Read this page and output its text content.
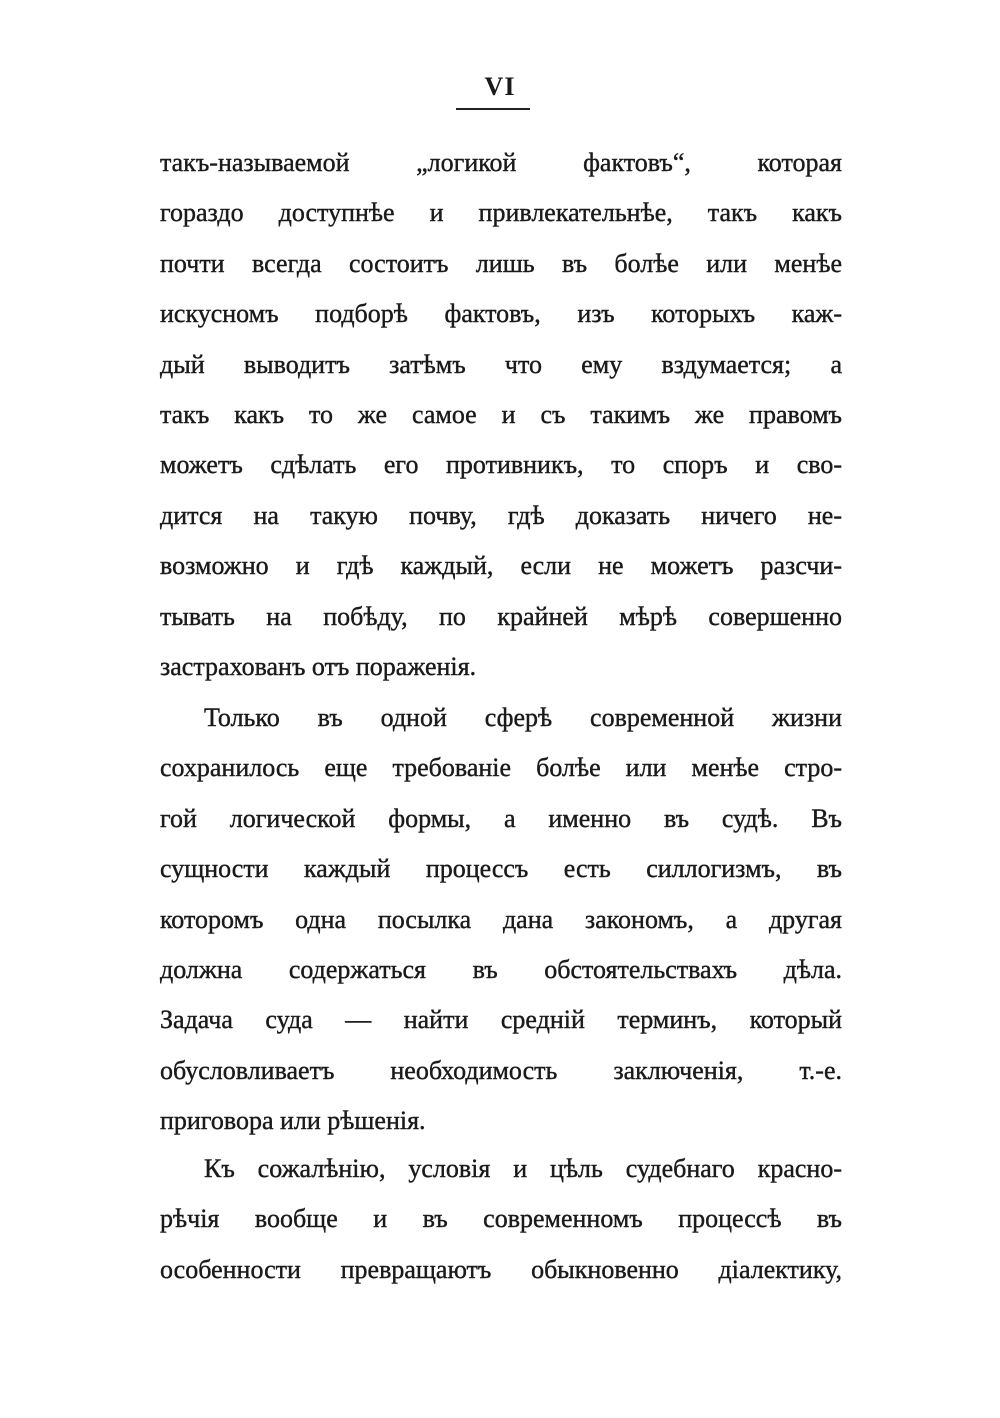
VI
такъ-называемой „логикой фактовъ“, которая
гораздо доступнѣе и привлекательнѣе, такъ какъ
почти всегда состоитъ лишь въ болѣе или менѣе
искусномъ подборѣ фактовъ, изъ которыхъ каж-
дый выводитъ затѣмъ что ему вздумается; а
такъ какъ то же самое и съ такимъ же правомъ
можетъ сдѣлать его противникъ, то споръ и сво-
дится на такую почву, гдѣ доказать ничего не-
возможно и гдѣ каждый, если не можетъ разсчи-
тывать на побѣду, по крайней мѣрѣ совершенно
застрахованъ отъ пораженія.
Только въ одной сферѣ современной жизни
сохранилось еще требованіе болѣе или менѣе стро-
гой логической формы, а именно въ судѣ. Въ
сущности каждый процессъ есть силлогизмъ, въ
которомъ одна посылка дана закономъ, а другая
должна содержаться въ обстоятельствахъ дѣла.
Задача суда — найти средній терминъ, который
обусловливаетъ необходимость заключенія, т.-е.
приговора или рѣшенія.
Къ сожалѣнію, условія и цѣль судебнаго красно-
рѣчія вообще и въ современномъ процессѣ въ
особенности превращаютъ обыкновенно діалектику,
